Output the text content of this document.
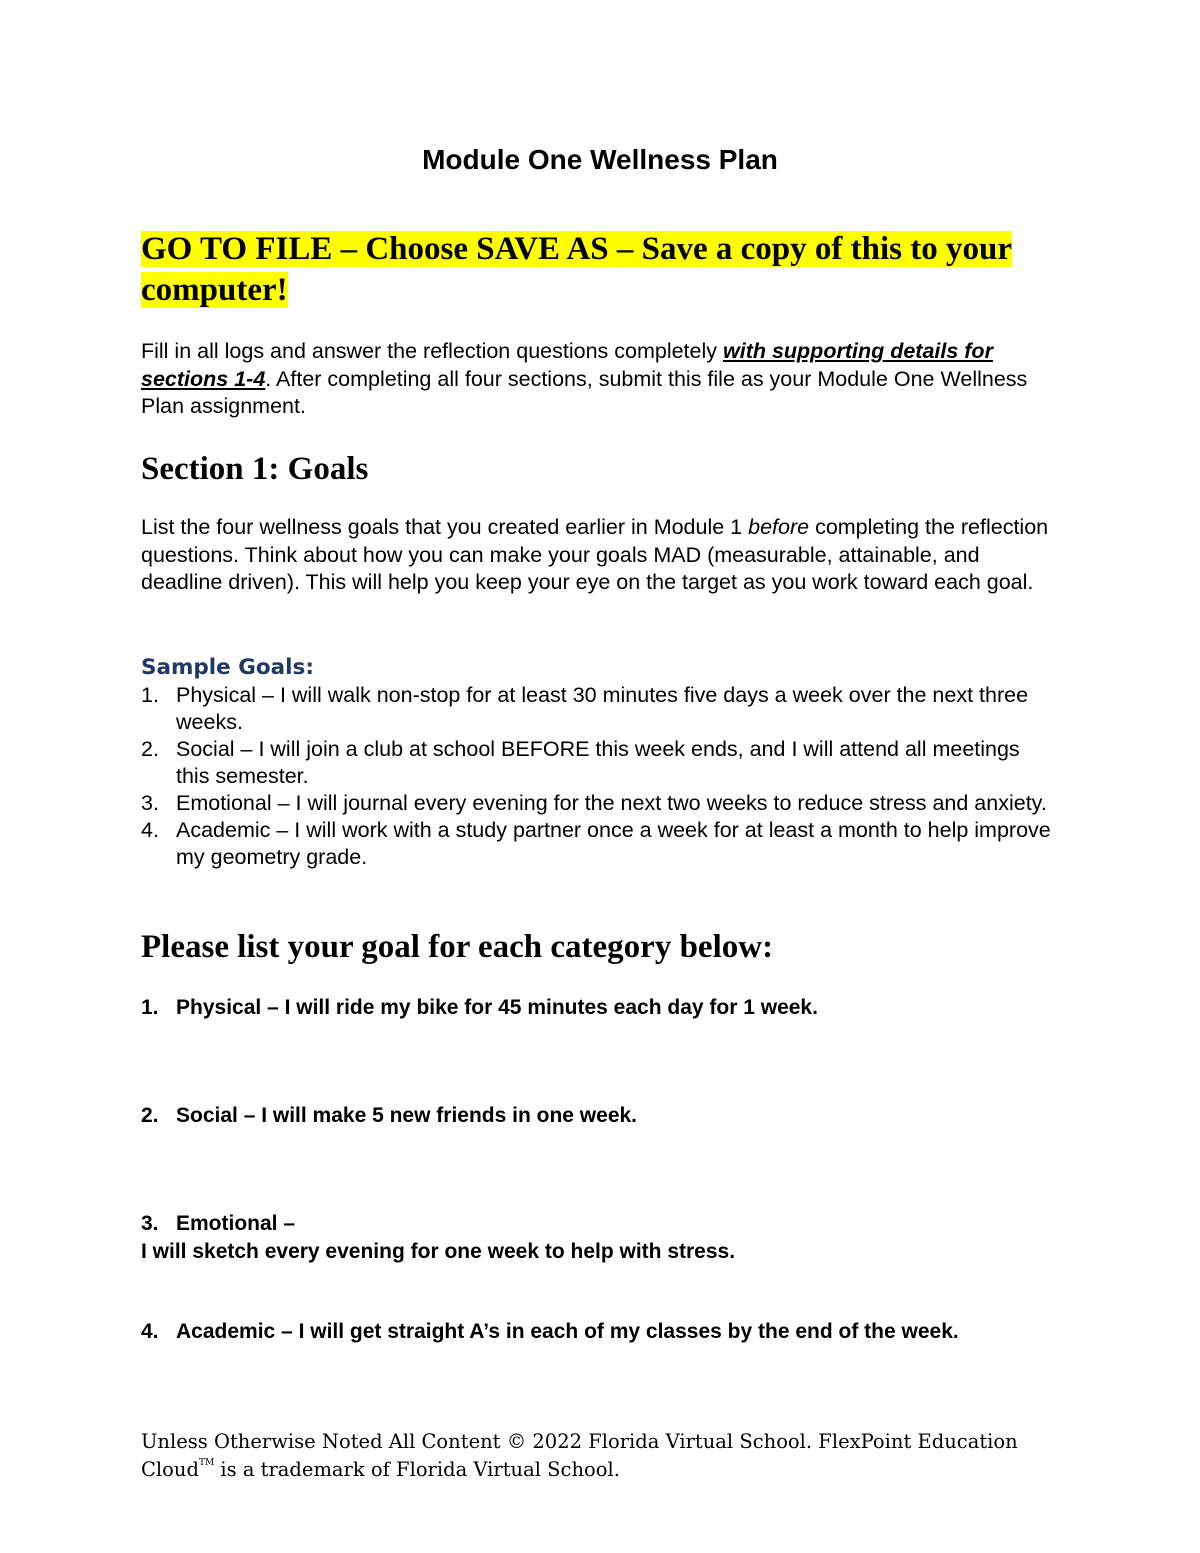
Module One Wellness Plan

GO TO FILE – Choose SAVE AS – Save a copy of this to your computer!

Fill in all logs and answer the reflection questions completely with supporting details for sections 1-4. After completing all four sections, submit this file as your Module One Wellness Plan assignment.

Section 1: Goals

List the four wellness goals that you created earlier in Module 1 before completing the reflection questions. Think about how you can make your goals MAD (measurable, attainable, and deadline driven). This will help you keep your eye on the target as you work toward each goal.

Sample Goals:
1. Physical – I will walk non-stop for at least 30 minutes five days a week over the next three weeks.
2. Social – I will join a club at school BEFORE this week ends, and I will attend all meetings this semester.
3. Emotional – I will journal every evening for the next two weeks to reduce stress and anxiety.
4. Academic – I will work with a study partner once a week for at least a month to help improve my geometry grade.
Please list your goal for each category below:

1. Physical – I will ride my bike for 45 minutes each day for 1 week.

2. Social – I will make 5 new friends in one week.

3. Emotional –

I will sketch every evening for one week to help with stress.

4. Academic – I will get straight A’s in each of my classes by the end of the week.

Unless Otherwise Noted All Content © 2022 Florida Virtual School. FlexPoint Education Cloud™ is a trademark of Florida Virtual School.
